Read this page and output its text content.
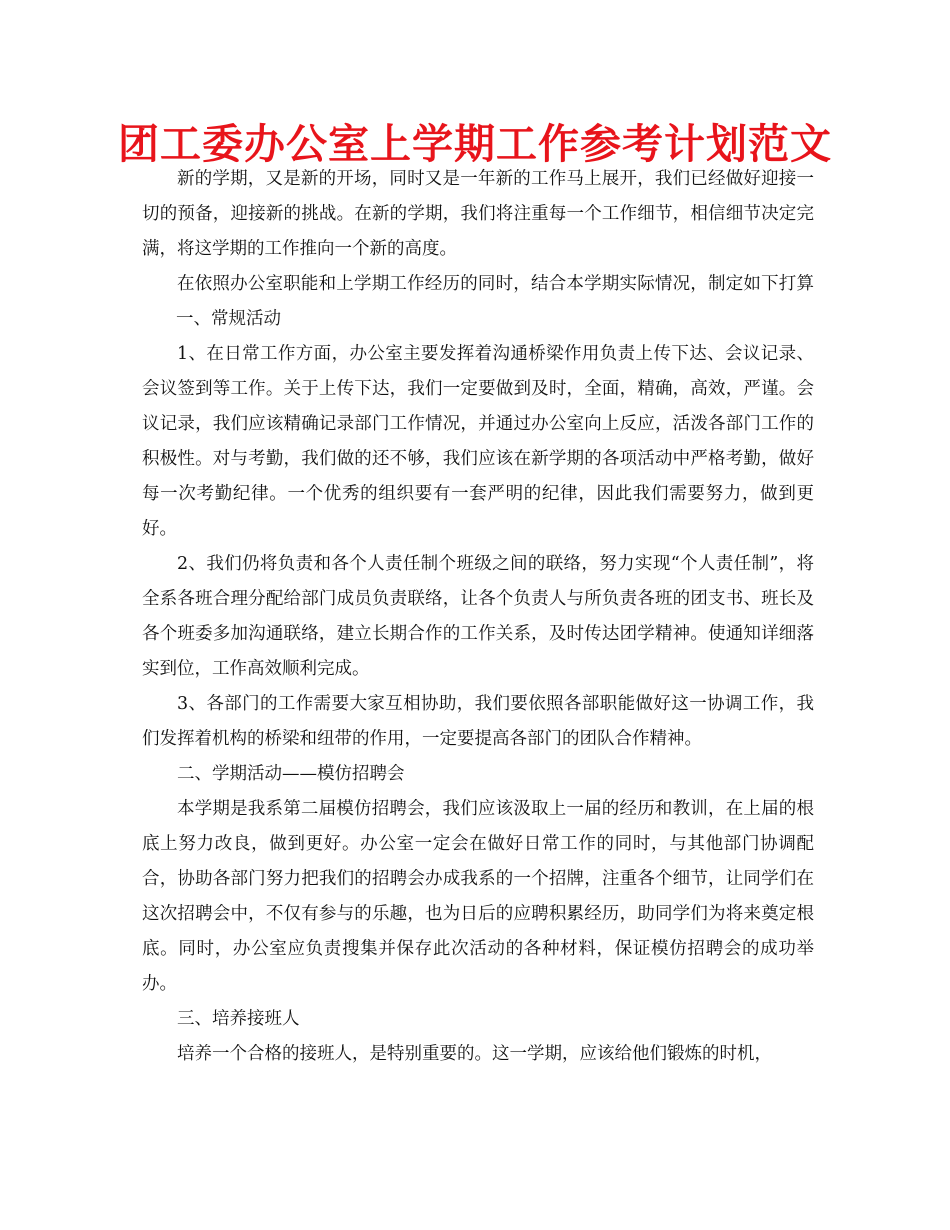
团工委办公室上学期工作参考计划范文

新的学期，又是新的开场，同时又是一年新的工作马上展开，我们已经做好迎接一切的预备，迎接新的挑战。在新的学期，我们将注重每一个工作细节，相信细节决定完满，将这学期的工作推向一个新的高度。

在依照办公室职能和上学期工作经历的同时，结合本学期实际情况，制定如下打算一、常规活动

1、在日常工作方面，办公室主要发挥着沟通桥梁作用负责上传下达、会议记录、会议签到等工作。关于上传下达，我们一定要做到及时，全面，精确，高效，严谨。会议记录，我们应该精确记录部门工作情况，并通过办公室向上反应，活泼各部门工作的积极性。对与考勤，我们做的还不够，我们应该在新学期的各项活动中严格考勤，做好每一次考勤纪律。一个优秀的组织要有一套严明的纪律，因此我们需要努力，做到更好。

2、我们仍将负责和各个人责任制个班级之间的联络，努力实现“个人责任制”，将全系各班合理分配给部门成员负责联络，让各个负责人与所负责各班的团支书、班长及各个班委多加沟通联络，建立长期合作的工作关系，及时传达团学精神。使通知详细落实到位，工作高效顺利完成。

3、各部门的工作需要大家互相协助，我们要依照各部职能做好这一协调工作，我们发挥着机构的桥梁和纽带的作用，一定要提高各部门的团队合作精神。

二、学期活动——模仿招聘会

本学期是我系第二届模仿招聘会，我们应该汲取上一届的经历和教训，在上届的根底上努力改良，做到更好。办公室一定会在做好日常工作的同时，与其他部门协调配合，协助各部门努力把我们的招聘会办成我系的一个招牌，注重各个细节，让同学们在这次招聘会中，不仅有参与的乐趣，也为日后的应聘积累经历，助同学们为将来奠定根底。同时，办公室应负责搜集并保存此次活动的各种材料，保证模仿招聘会的成功举办。

三、培养接班人

培养一个合格的接班人，是特别重要的。这一学期，应该给他们锻炼的时机，
